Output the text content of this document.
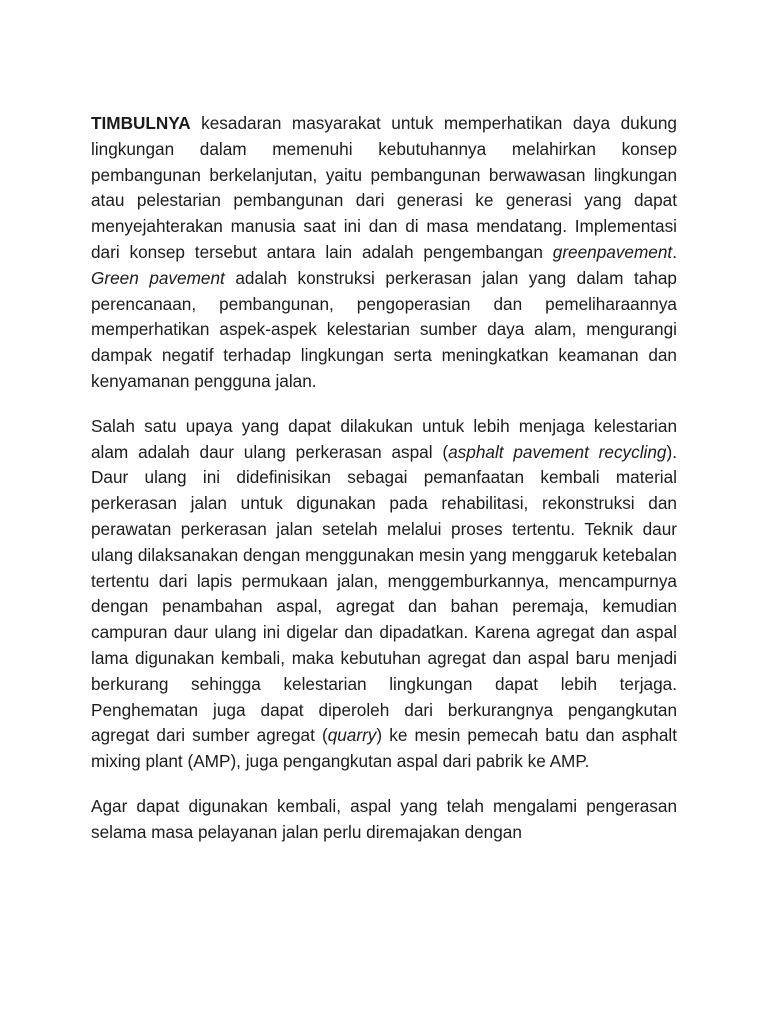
TIMBULNYA kesadaran masyarakat untuk memperhatikan daya dukung lingkungan dalam memenuhi kebutuhannya melahirkan konsep pembangunan berkelanjutan, yaitu pembangunan berwawasan lingkungan atau pelestarian pembangunan dari generasi ke generasi yang dapat menyejahterakan manusia saat ini dan di masa mendatang. Implementasi dari konsep tersebut antara lain adalah pengembangan greenpavement. Green pavement adalah konstruksi perkerasan jalan yang dalam tahap perencanaan, pembangunan, pengoperasian dan pemeliharaannya memperhatikan aspek-aspek kelestarian sumber daya alam, mengurangi dampak negatif terhadap lingkungan serta meningkatkan keamanan dan kenyamanan pengguna jalan.

Salah satu upaya yang dapat dilakukan untuk lebih menjaga kelestarian alam adalah daur ulang perkerasan aspal (asphalt pavement recycling). Daur ulang ini didefinisikan sebagai pemanfaatan kembali material perkerasan jalan untuk digunakan pada rehabilitasi, rekonstruksi dan perawatan perkerasan jalan setelah melalui proses tertentu. Teknik daur ulang dilaksanakan dengan menggunakan mesin yang menggaruk ketebalan tertentu dari lapis permukaan jalan, menggemburkannya, mencampurnya dengan penambahan aspal, agregat dan bahan peremaja, kemudian campuran daur ulang ini digelar dan dipadatkan. Karena agregat dan aspal lama digunakan kembali, maka kebutuhan agregat dan aspal baru menjadi berkurang sehingga kelestarian lingkungan dapat lebih terjaga. Penghematan juga dapat diperoleh dari berkurangnya pengangkutan agregat dari sumber agregat (quarry) ke mesin pemecah batu dan asphalt mixing plant (AMP), juga pengangkutan aspal dari pabrik ke AMP.

Agar dapat digunakan kembali, aspal yang telah mengalami pengerasan selama masa pelayanan jalan perlu diremajakan dengan
